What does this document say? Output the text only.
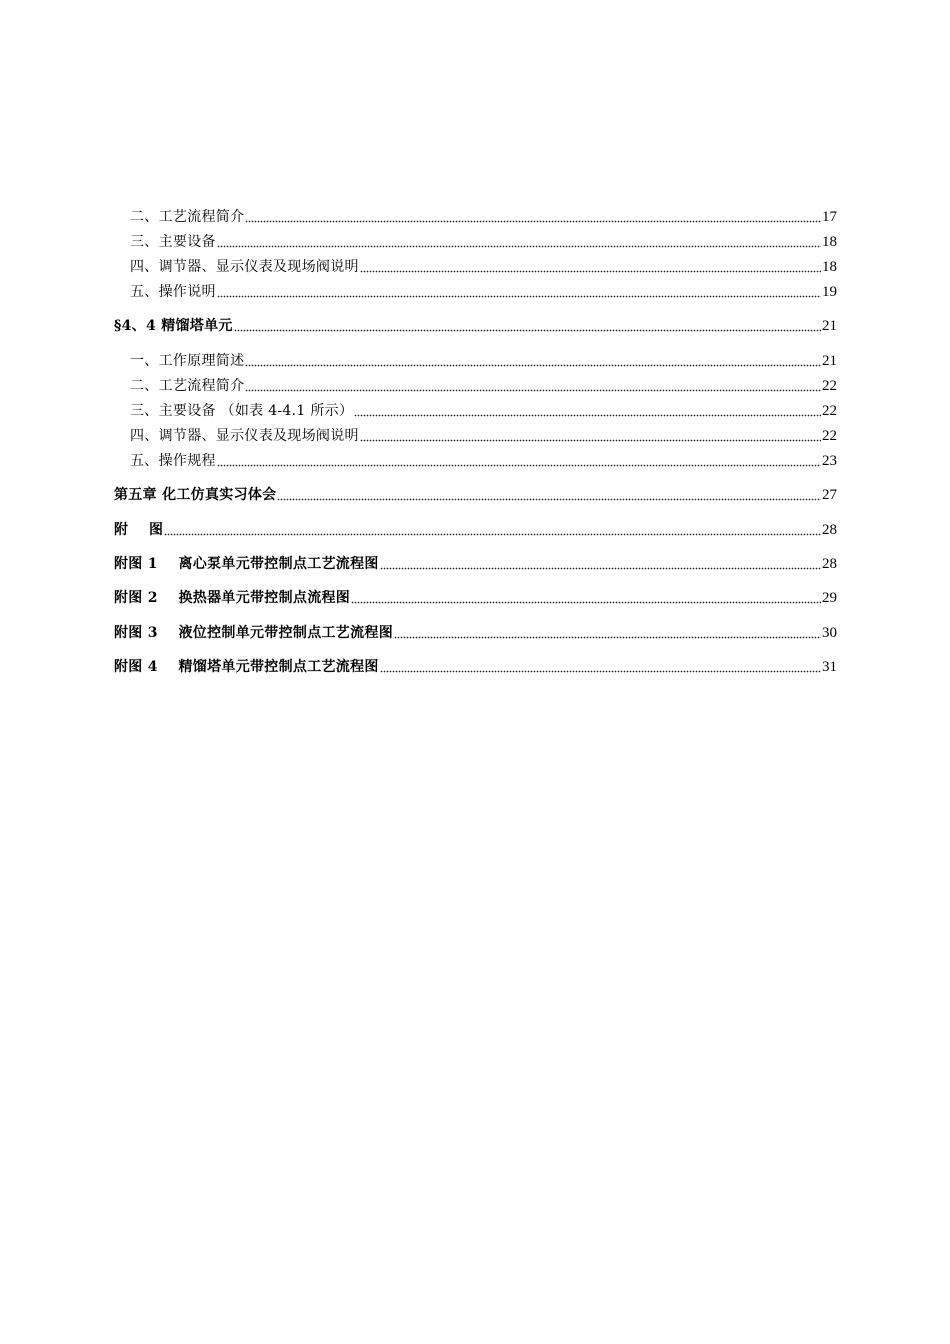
二、工艺流程简介	17
三、主要设备	18
四、调节器、显示仪表及现场阀说明	18
五、操作说明	19
§4、4 精馏塔单元	21
一、工作原理简述	21
二、工艺流程简介	22
三、主要设备 （如表 4-4.1 所示）	22
四、调节器、显示仪表及现场阀说明	22
五、操作规程	23
第五章 化工仿真实习体会	27
附    图	28
附图 1    离心泵单元带控制点工艺流程图	28
附图 2    换热器单元带控制点流程图	29
附图 3    液位控制单元带控制点工艺流程图	30
附图 4    精馏塔单元带控制点工艺流程图	31
